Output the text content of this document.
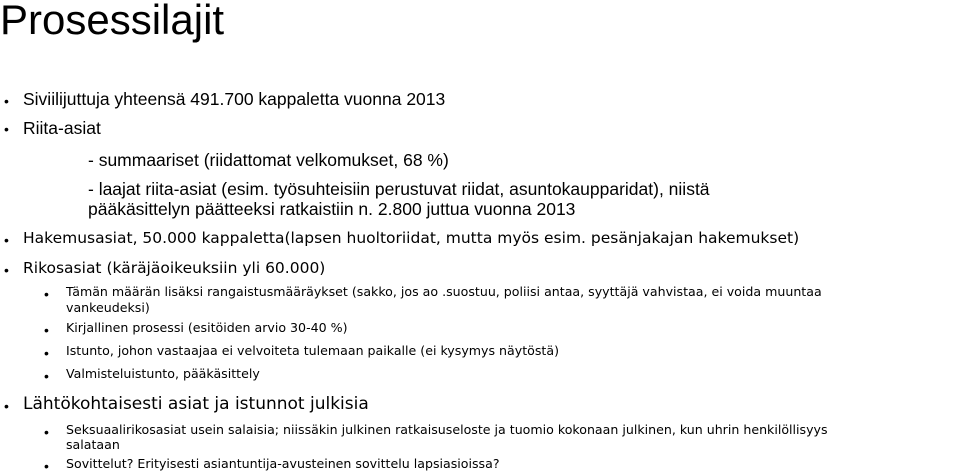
Prosessilajit
• Siviilijuttuja yhteensä 491.700 kappaletta vuonna 2013
• Riita-asiat
- summaariset (riidattomat velkomukset, 68 %)
- laajat riita-asiat (esim. työsuhteisiin perustuvat riidat, asuntokaupparidat), niistä
pääkäsittelyn päätteeksi ratkaistiin n. 2.800 juttua vuonna 2013
• Hakemusasiat, 50.000 kappaletta(lapsen huoltoriidat, mutta myös esim. pesänjakajan hakemukset)
• Rikosasiat (käräjäoikeuksiin yli 60.000)
• Tämän määrän lisäksi rangaistusmääräykset (sakko, jos ao .suostuu, poliisi antaa, syyttäjä vahvistaa, ei voida muuntaa
vankeudeksi)
• Kirjallinen prosessi (esitöiden arvio 30-40 %)
• Istunto, johon vastaajaa ei velvoiteta tulemaan paikalle (ei kysymys näytöstä)
• Valmisteluistunto, pääkäsittely
• Lähtökohtaisesti asiat ja istunnot julkisia
• Seksuaalirikosasiat usein salaisia; niissäkin julkinen ratkaisuseloste ja tuomio kokonaan julkinen, kun uhrin henkilöllisyys
salataan
• Sovittelut? Erityisesti asiantuntija-avusteinen sovittelu lapsiasioissa?
